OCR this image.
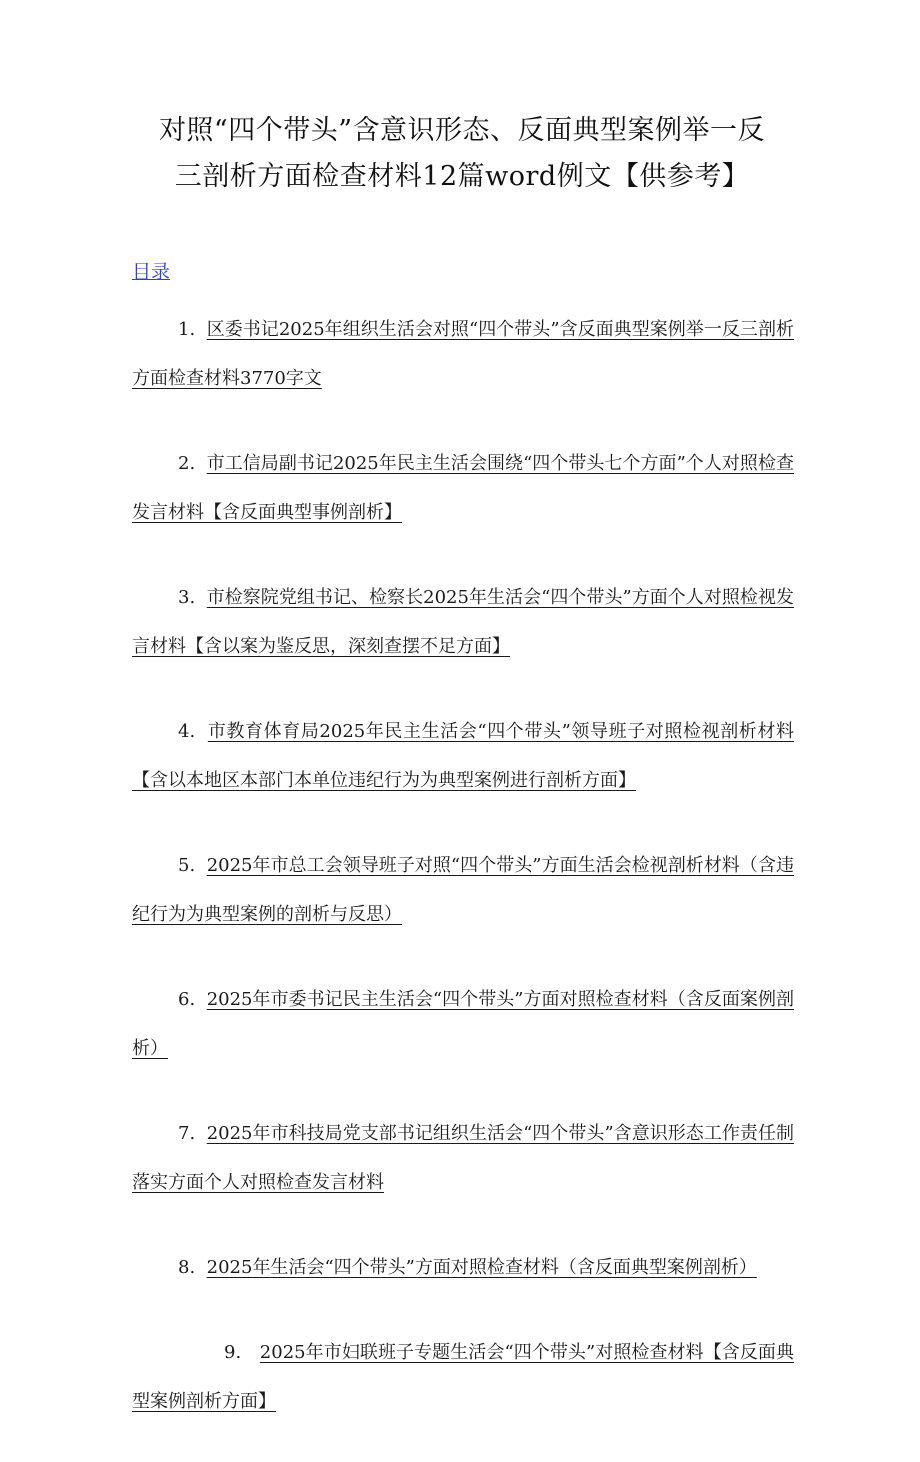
对照“四个带头”含意识形态、反面典型案例举一反
三剖析方面检查材料12篇word例文【供参考】
目录
1. 区委书记2025年组织生活会对照“四个带头”含反面典型案例举一反三剖析方面检查材料3770字文
2. 市工信局副书记2025年民主生活会围绕“四个带头七个方面”个人对照检查发言材料【含反面典型事例剖析】
3. 市检察院党组书记、检察长2025年生活会“四个带头”方面个人对照检视发言材料【含以案为鉴反思，深刻查摆不足方面】
4. 市教育体育局2025年民主生活会“四个带头”领导班子对照检视剖析材料【含以本地区本部门本单位违纪行为为典型案例进行剖析方面】
5. 2025年市总工会领导班子对照“四个带头”方面生活会检视剖析材料（含违纪行为为典型案例的剖析与反思）
6. 2025年市委书记民主生活会“四个带头”方面对照检查材料（含反面案例剖析）
7. 2025年市科技局党支部书记组织生活会“四个带头”含意识形态工作责任制落实方面个人对照检查发言材料
8. 2025年生活会“四个带头”方面对照检查材料（含反面典型案例剖析）
9. 2025年市妇联班子专题生活会“四个带头”对照检查材料【含反面典型案例剖析方面】
